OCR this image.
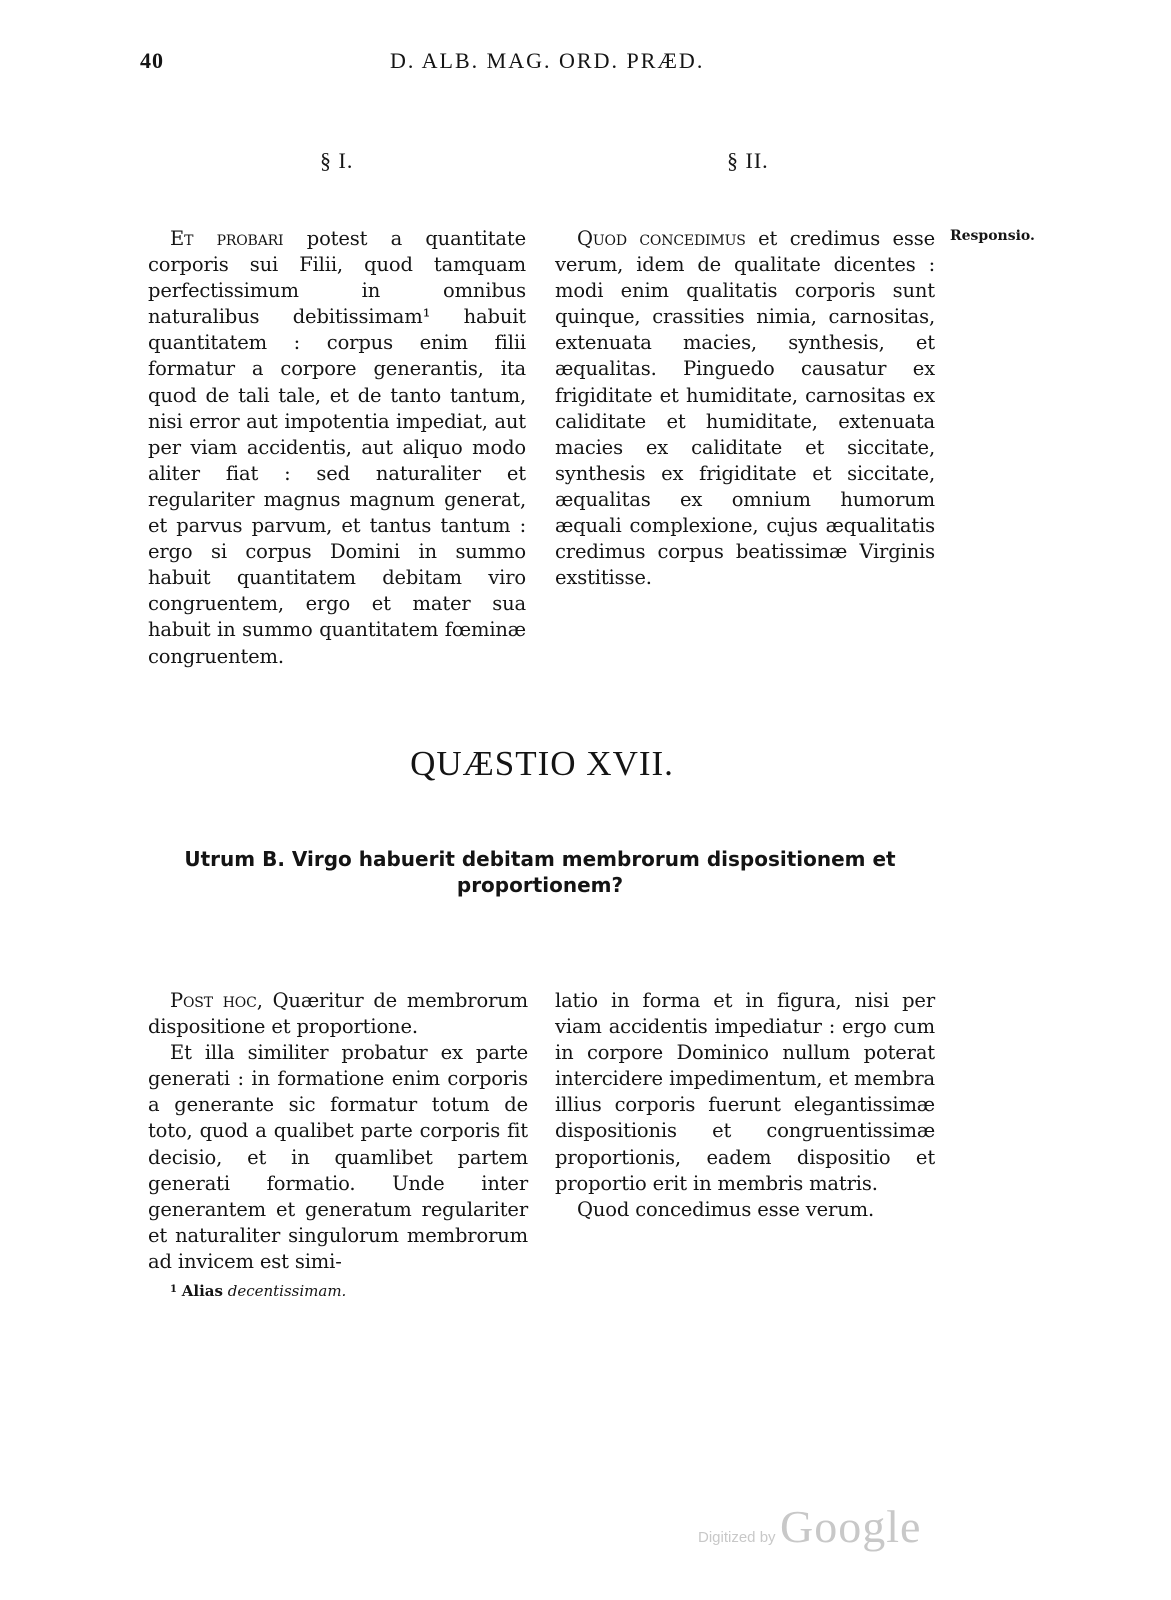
40	D. ALB. MAG. ORD. PRÆD.
§ I.	§ II.

Et probari potest a quantitate corporis sui Filii, quod tamquam perfectissimum in omnibus naturalibus debitissimam¹ habuit quantitatem : corpus enim filii formatur a corpore generantis, ita quod de tali tale, et de tanto tantum, nisi error aut impotentia impediat, aut per viam accidentis, aut aliquo modo aliter fiat : sed naturaliter et regulariter magnus magnum generat, et parvus parvum, et tantus tantum : ergo si corpus Domini in summo habuit quantitatem debitam viro congruentem, ergo et mater sua habuit in summo quantitatem fœminæ congruentem.

Quod concedimus et credimus esse verum, idem de qualitate dicentes : modi enim qualitatis corporis sunt quinque, crassities nimia, carnositas, extenuata macies, synthesis, et æqualitas. Pinguedo causatur ex frigiditate et humiditate, carnositas ex caliditate et humiditate, extenuata macies ex caliditate et siccitate, synthesis ex frigiditate et siccitate, æqualitas ex omnium humorum æquali complexione, cujus æqualitatis credimus corpus beatissimæ Virginis exstitisse.

Responsio.
QUÆSTIO XVII.
Utrum B. Virgo habuerit debitam membrorum dispositionem et proportionem?

Post hoc, Quæritur de membrorum dispositione et proportione.

Et illa similiter probatur ex parte generati : in formatione enim corporis a generante sic formatur totum de toto, quod a qualibet parte corporis fit decisio, et in quamlibet partem generati formatio. Unde inter generantem et generatum regulariter et naturaliter singulorum membrorum ad invicem est simi-

latio in forma et in figura, nisi per viam accidentis impediatur : ergo cum in corpore Dominico nullum poterat intercidere impedimentum, et membra illius corporis fuerunt elegantissimæ dispositionis et congruentissimæ proportionis, eadem dispositio et proportio erit in membris matris.

Quod concedimus esse verum.

$^1$ Alias decentissimam.
Digitized by Google
